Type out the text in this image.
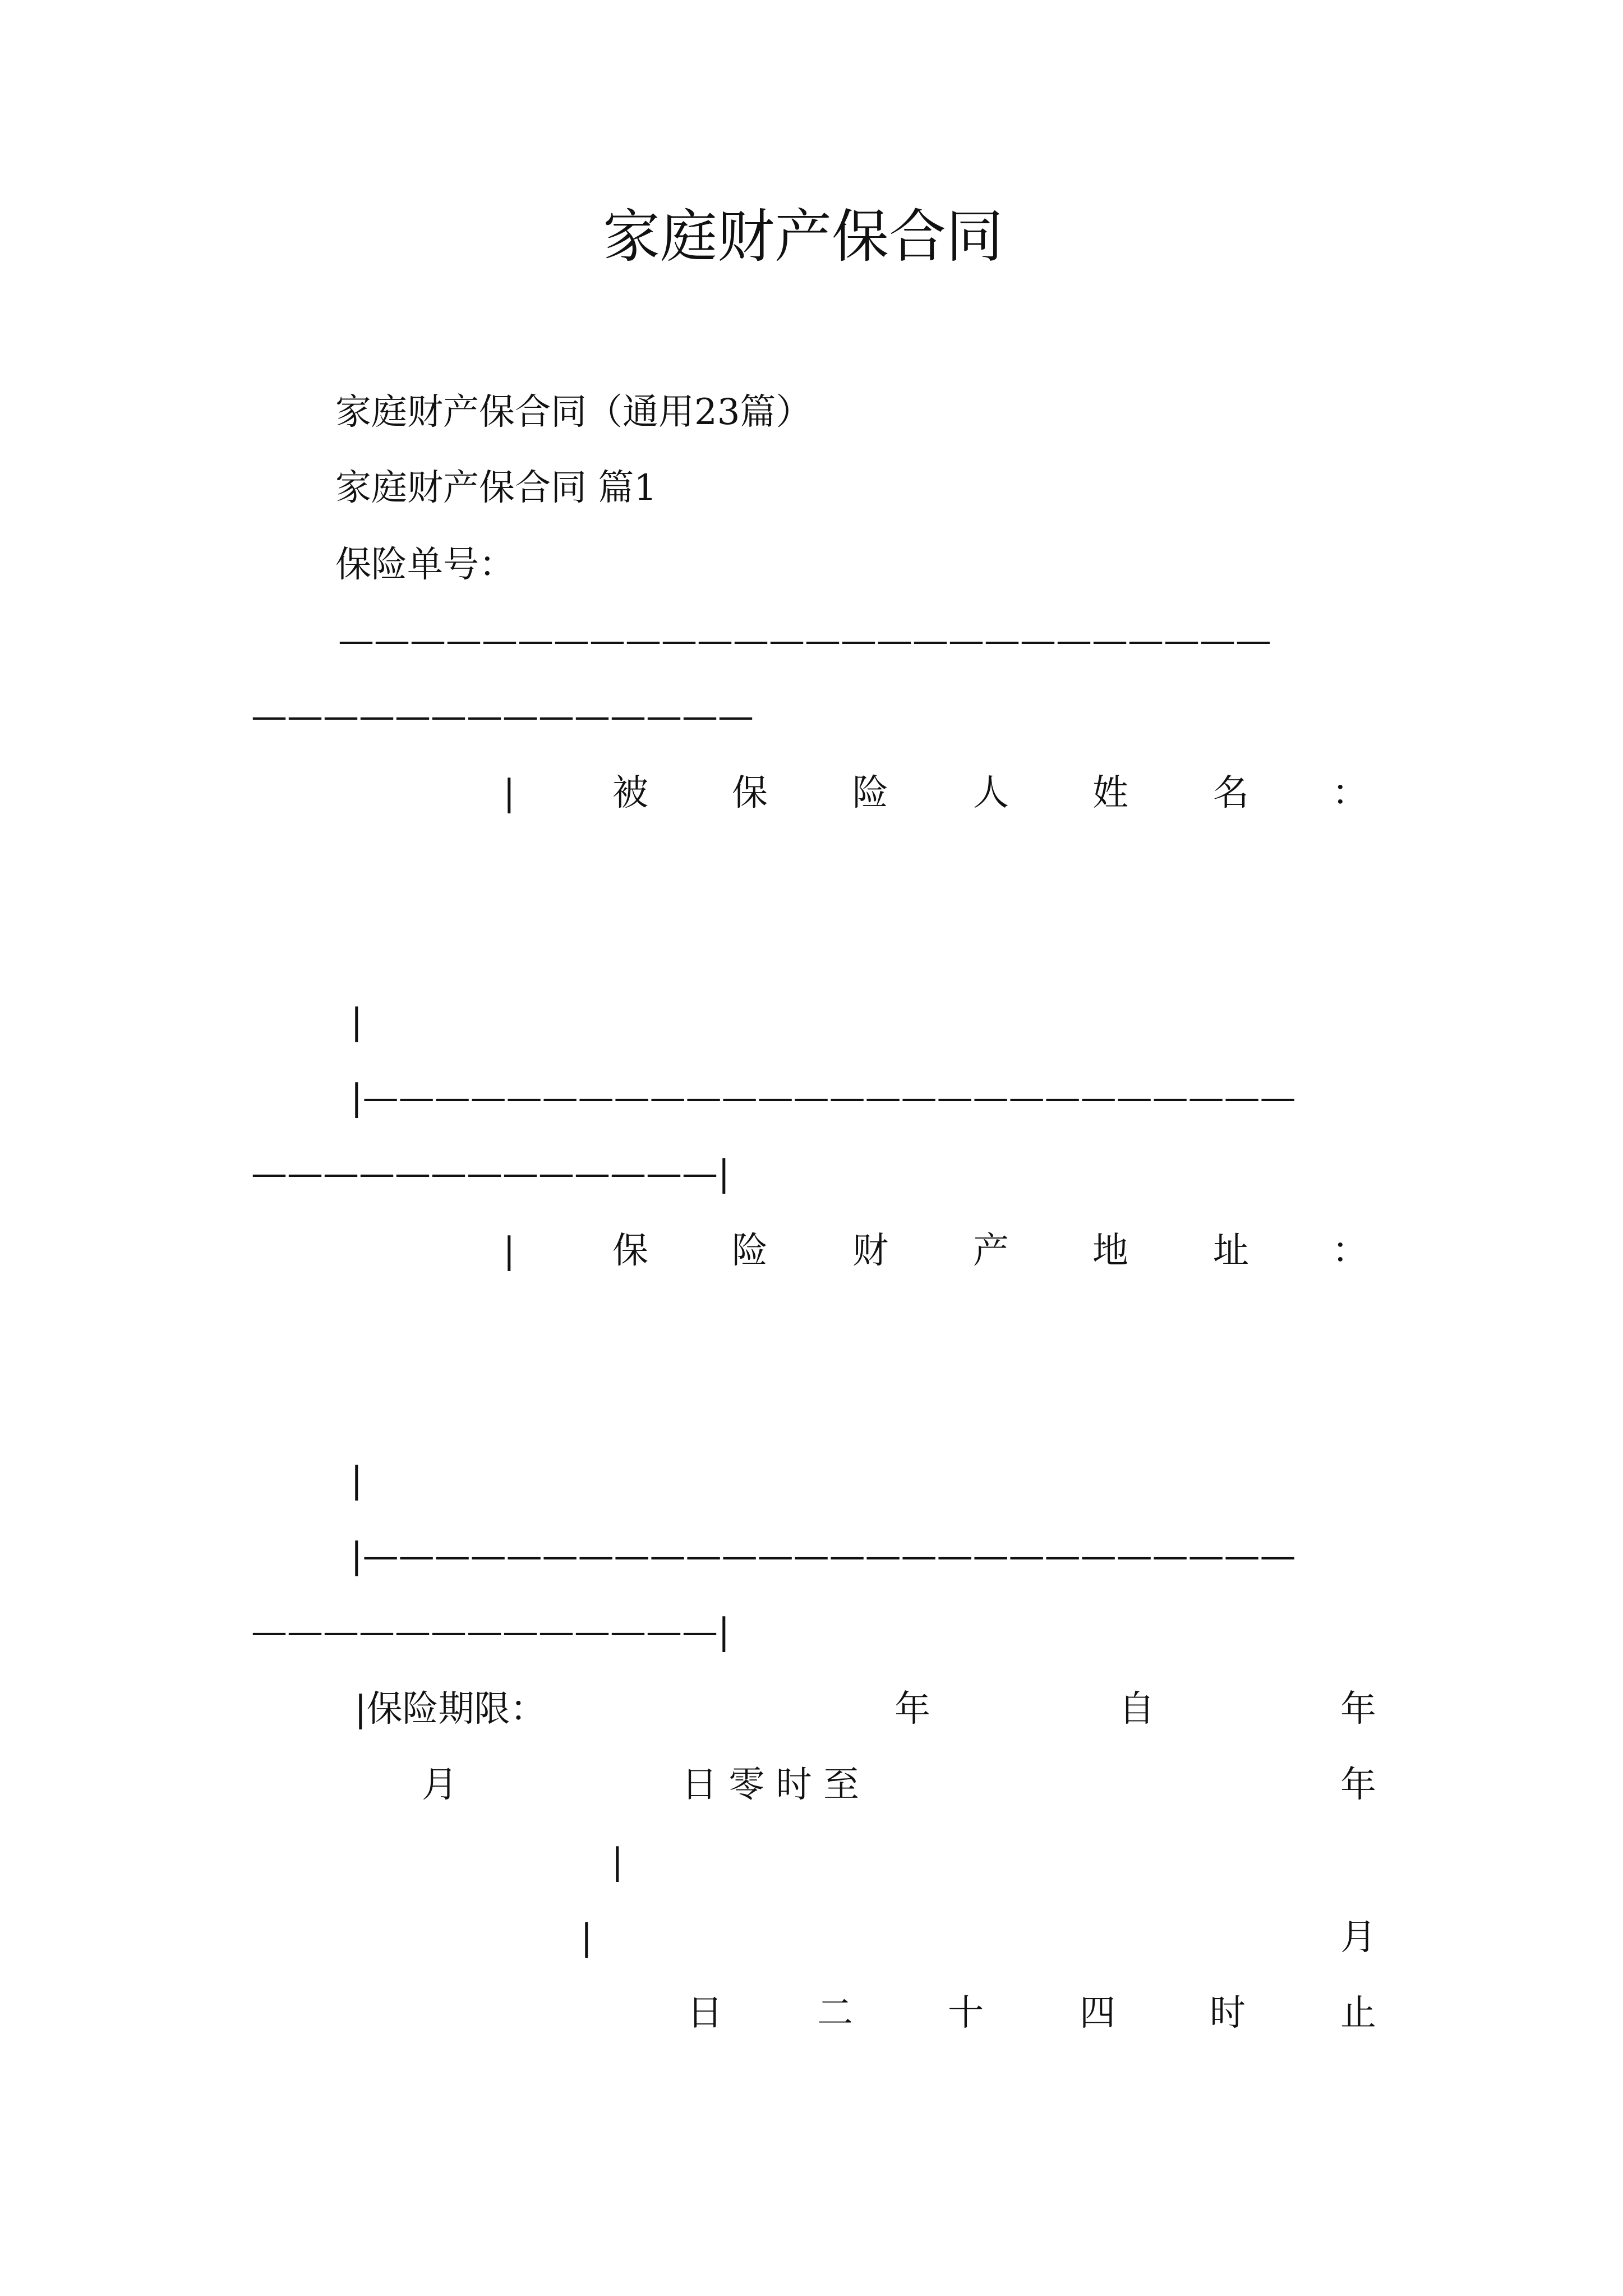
家庭财产保合同
家庭财产保合同（通用23篇）
家庭财产保合同 篇1
保险单号：
——————————————————————————
——————————————
|	被 保 险 人 姓 名 ：
|
|——————————————————————————
—————————————|
|	保 险 财 产 地 址 ：
|
|——————————————————————————
—————————————|
|保险期限：	年	自	年
月	日 零 时 至	年
|
|	月
日	二	十	四	时	止
